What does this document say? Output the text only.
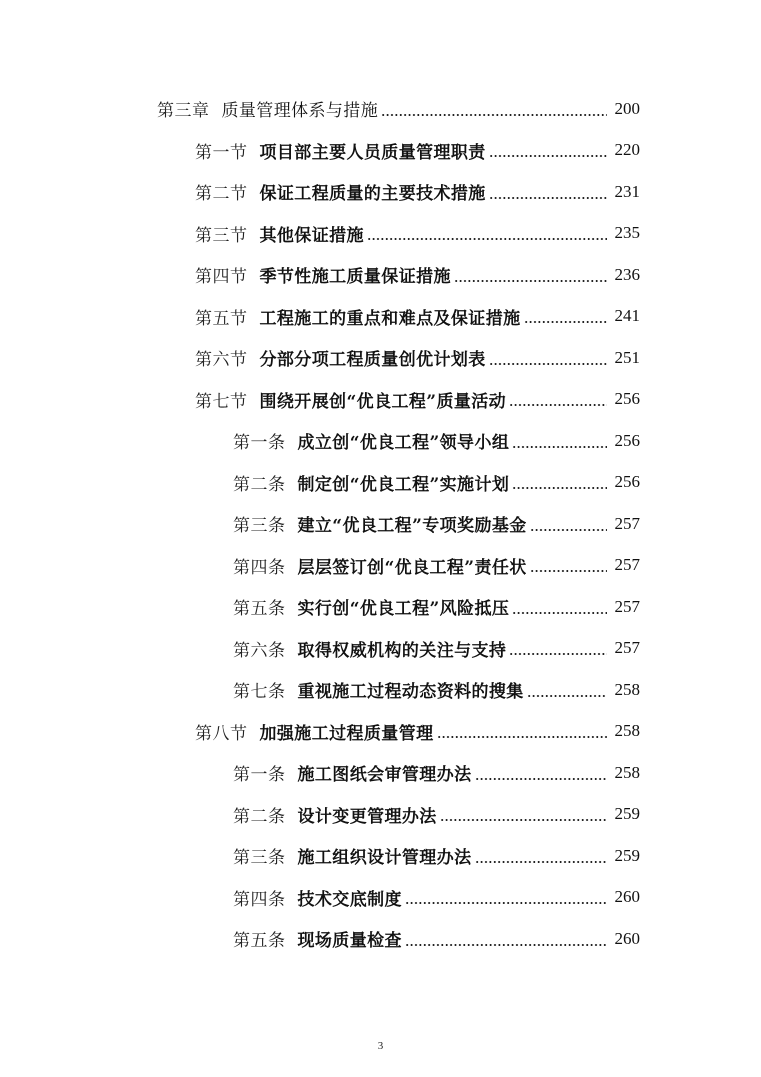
第三章 质量管理体系与措施	200
第一节 项目部主要人员质量管理职责	220
第二节 保证工程质量的主要技术措施	231
第三节 其他保证措施	235
第四节 季节性施工质量保证措施	236
第五节 工程施工的重点和难点及保证措施	241
第六节 分部分项工程质量创优计划表	251
第七节 围绕开展创“优良工程”质量活动	256
第一条 成立创“优良工程”领导小组	256
第二条 制定创“优良工程”实施计划	256
第三条 建立“优良工程”专项奖励基金	257
第四条 层层签订创“优良工程”责任状	257
第五条 实行创“优良工程”风险抵压	257
第六条 取得权威机构的关注与支持	257
第七条 重视施工过程动态资料的搜集	258
第八节 加强施工过程质量管理	258
第一条 施工图纸会审管理办法	258
第二条 设计变更管理办法	259
第三条 施工组织设计管理办法	259
第四条 技术交底制度	260
第五条 现场质量检查	260
3
